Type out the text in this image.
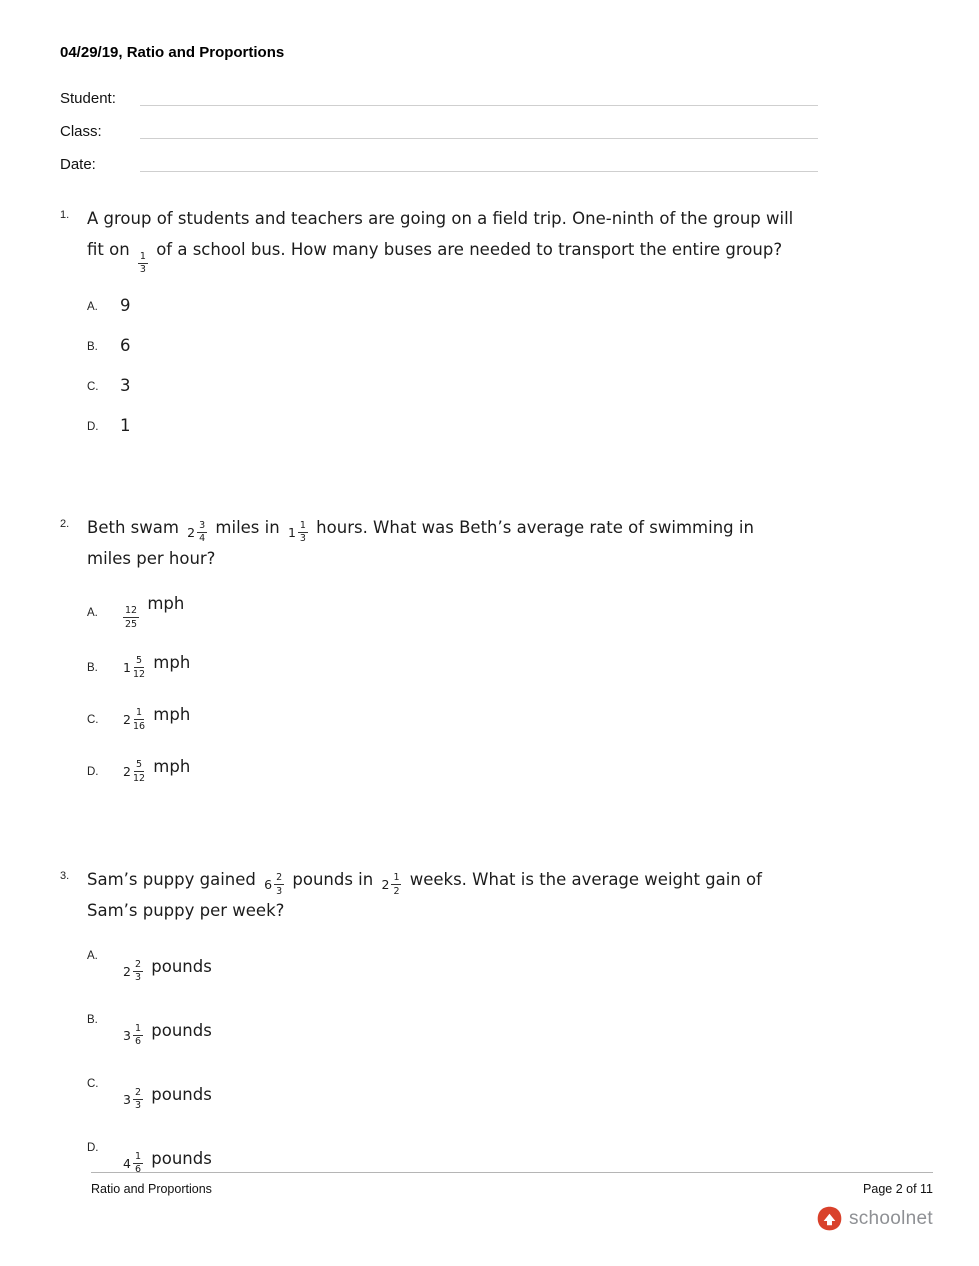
04/29/19, Ratio and Proportions
Student:
Class:
Date:
1.	A group of students and teachers are going on a field trip. One-ninth of the group will fit on
$\frac{1}{3}$
of a school bus. How many buses are needed to transport the entire group?
A.	9
B.	6
C.	3
D.	1
2.	Beth swam $2 \frac{3}{4}$ miles in $1 \frac{1}{3}$ hours. What was Beth’s average rate of swimming in miles per hour?
A.	$\frac{12}{25}$
mph
B.	$1 \frac{5}{12}$ mph
C.	$2 \frac{1}{16}$ mph
D.	$2 \frac{5}{12}$ mph
3.	Sam’s puppy gained $6 \frac{2}{3}$ pounds in $2 \frac{1}{2}$ weeks. What is the average weight gain of Sam’s puppy per week?
A.
$2 \frac{2}{3}$ pounds
B.
$3 \frac{1}{6}$ pounds
C.
$3 \frac{2}{3}$ pounds
D.
$4 \frac{1}{6}$ pounds
Ratio and Proportions	Page 2 of 11
schoolnet
